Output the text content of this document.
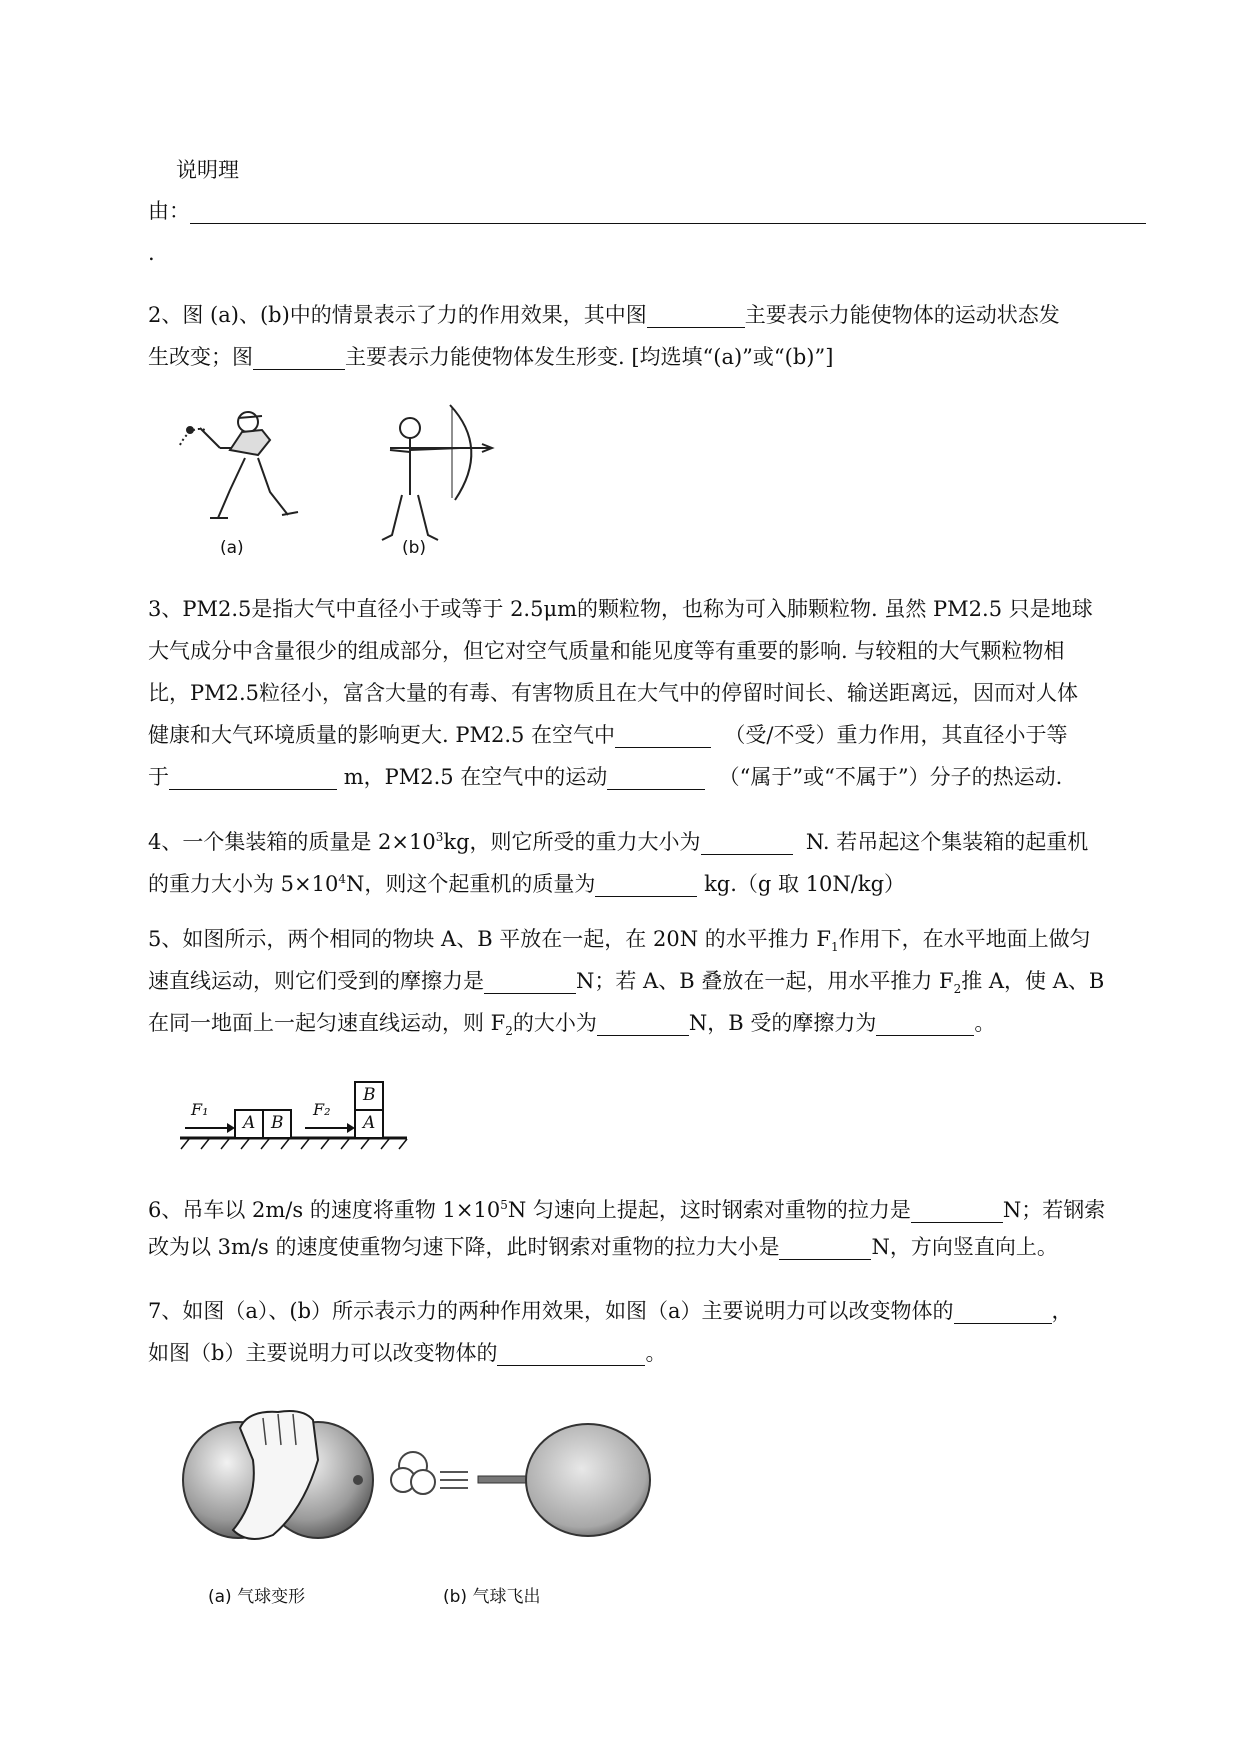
说明理
由：
.
2、图 (a)、(b)中的情景表示了力的作用效果，其中图	主要表示力能使物体的运动状态发
生改变；图	主要表示力能使物体发生形变. [均选填“(a)”或“(b)”]
(a)	(b)
3、PM2.5是指大气中直径小于或等于 2.5μm的颗粒物，也称为可入肺颗粒物. 虽然 PM2.5 只是地球
大气成分中含量很少的组成部分，但它对空气质量和能见度等有重要的影响. 与较粗的大气颗粒物相
比，PM2.5粒径小，富含大量的有毒、有害物质且在大气中的停留时间长、输送距离远，因而对人体
健康和大气环境质量的影响更大. PM2.5 在空气中	（受/不受）重力作用，其直径小于等
于	m，PM2.5 在空气中的运动	（“属于”或“不属于”）分子的热运动.
4、一个集装箱的质量是 $2\times 10^3kg$，则它所受的重力大小为	N. 若吊起这个集装箱的起重机
的重力大小为 $5\times 10^4N$，则这个起重机的质量为	kg.（g 取 10N/kg）
5、如图所示，两个相同的物块 A、B 平放在一起，在 20N 的水平推力 $F_1$作用下，在水平地面上做匀
速直线运动，则它们受到的摩擦力是	N；若 A、B 叠放在一起，用水平推力 $F_2$推 A，使 A、B
在同一地面上一起匀速直线运动，则 $F_2$的大小为	N，B 受的摩擦力为	。
F₁
A B
F₂
A
B
6、吊车以 2m/s 的速度将重物 $1\times 10^5N$ 匀速向上提起，这时钢索对重物的拉力是	N；若钢索
改为以 3m/s 的速度使重物匀速下降，此时钢索对重物的拉力大小是	N，方向竖直向上。
7、如图（a）、(b）所示表示力的两种作用效果，如图（a）主要说明力可以改变物体的	，
如图（b）主要说明力可以改变物体的	。
(a) 气球变形	(b) 气球飞出
